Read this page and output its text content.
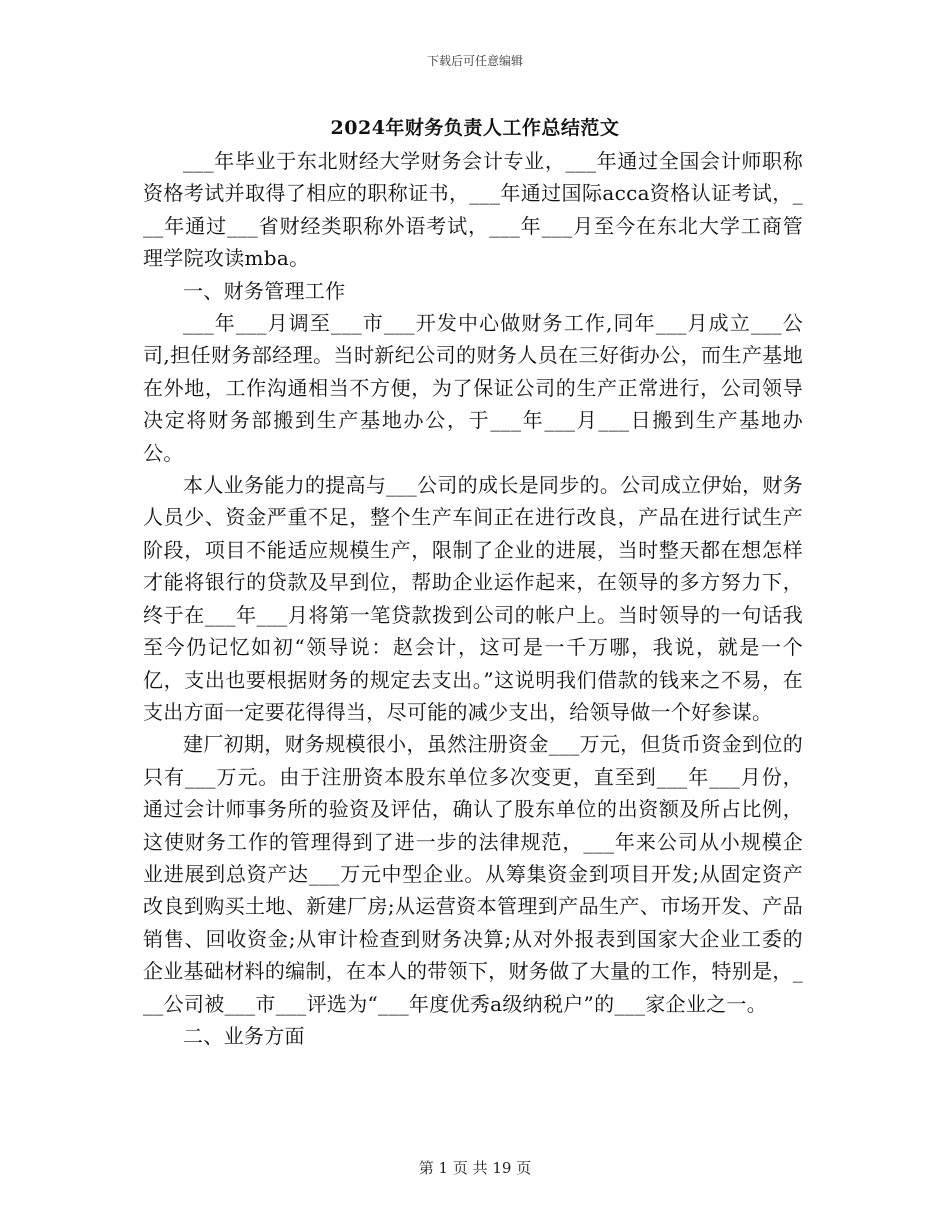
下载后可任意编辑
2024年财务负责人工作总结范文

___年毕业于东北财经大学财务会计专业，___年通过全国会计师职称资格考试并取得了相应的职称证书，___年通过国际acca资格认证考试，___年通过___省财经类职称外语考试，___年___月至今在东北大学工商管理学院攻读mba。

一、财务管理工作

___年___月调至___市___开发中心做财务工作,同年___月成立___公司,担任财务部经理。当时新纪公司的财务人员在三好街办公，而生产基地在外地，工作沟通相当不方便，为了保证公司的生产正常进行，公司领导决定将财务部搬到生产基地办公，于___年___月___日搬到生产基地办公。

本人业务能力的提高与___公司的成长是同步的。公司成立伊始，财务人员少、资金严重不足，整个生产车间正在进行改良，产品在进行试生产阶段，项目不能适应规模生产，限制了企业的进展，当时整天都在想怎样才能将银行的贷款及早到位，帮助企业运作起来，在领导的多方努力下，终于在___年___月将第一笔贷款拨到公司的帐户上。当时领导的一句话我至今仍记忆如初“领导说：赵会计，这可是一千万哪，我说，就是一个亿，支出也要根据财务的规定去支出。”这说明我们借款的钱来之不易，在支出方面一定要花得得当，尽可能的减少支出，给领导做一个好参谋。

建厂初期，财务规模很小，虽然注册资金___万元，但货币资金到位的只有___万元。由于注册资本股东单位多次变更，直至到___年___月份，通过会计师事务所的验资及评估，确认了股东单位的出资额及所占比例，这使财务工作的管理得到了进一步的法律规范，___年来公司从小规模企业进展到总资产达___万元中型企业。从筹集资金到项目开发;从固定资产改良到购买土地、新建厂房;从运营资本管理到产品生产、市场开发、产品销售、回收资金;从审计检查到财务决算;从对外报表到国家大企业工委的企业基础材料的编制，在本人的带领下，财务做了大量的工作，特别是，___公司被___市___评选为“___年度优秀a级纳税户”的___家企业之一。

二、业务方面

第 1 页 共 19 页
